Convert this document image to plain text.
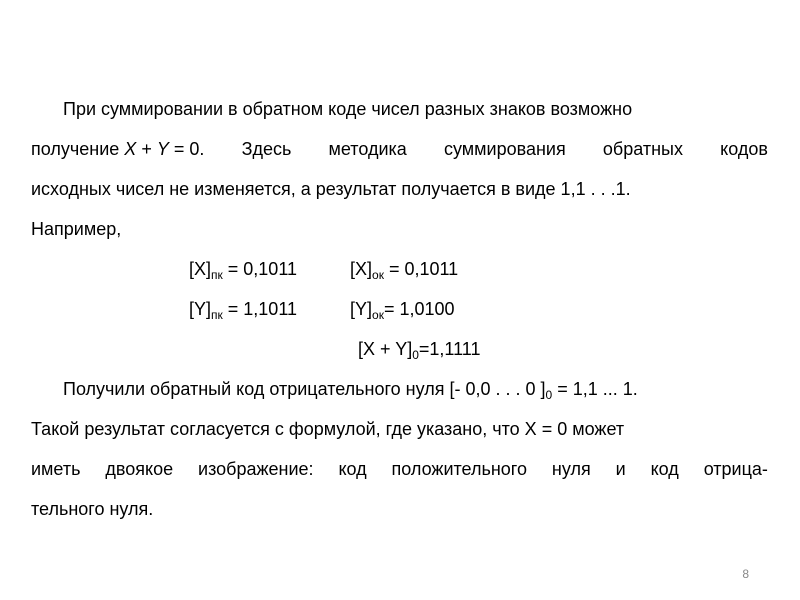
При суммировании в обратном коде чисел разных знаков возможно
получение X + Y = 0. Здесь методика суммирования обратных кодов
исходных чисел не изменяется, а результат получается в виде 1,1 . . .1.
Например,
$[X]_{пк} = 0,1011$	$[X]_{ок} = 0,1011$
$[Y]_{пк} = 1,1011$	$[Y]_{ок}= 1,0100$
$[X + Y]_0=1,1111$
Получили обратный код отрицательного нуля [- 0,0 . . . 0 ]$_0 = 1,1$ ... 1.
Такой результат согласуется с формулой, где указано, что X = 0 может
иметь двоякое изображение: код положительного нуля и код отрица-
тельного нуля.
8
